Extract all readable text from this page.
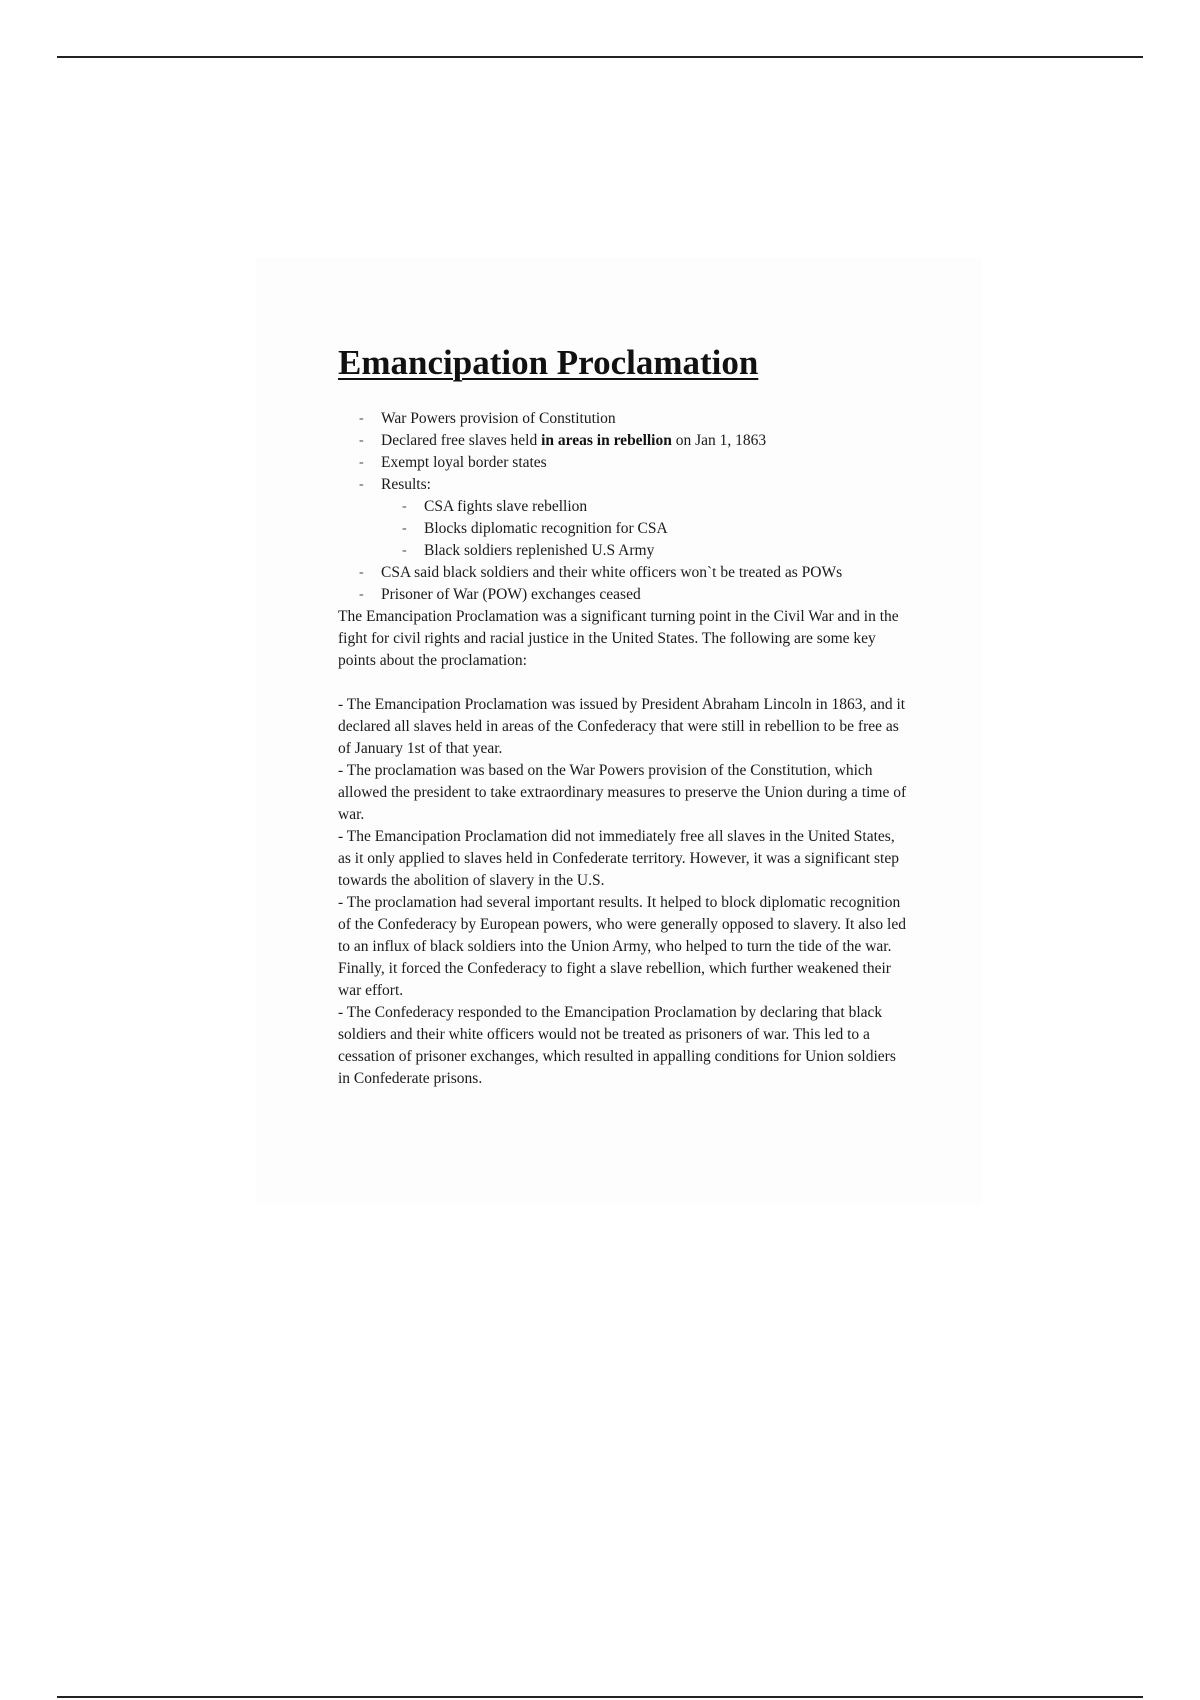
Emancipation Proclamation
- War Powers provision of Constitution
- Declared free slaves held in areas in rebellion on Jan 1, 1863
- Exempt loyal border states
- Results:
- CSA fights slave rebellion
- Blocks diplomatic recognition for CSA
- Black soldiers replenished U.S Army
- CSA said black soldiers and their white officers won`t be treated as POWs
- Prisoner of War (POW) exchanges ceased

The Emancipation Proclamation was a significant turning point in the Civil War and in the fight for civil rights and racial justice in the United States. The following are some key points about the proclamation:

- The Emancipation Proclamation was issued by President Abraham Lincoln in 1863, and it declared all slaves held in areas of the Confederacy that were still in rebellion to be free as of January 1st of that year.

- The proclamation was based on the War Powers provision of the Constitution, which allowed the president to take extraordinary measures to preserve the Union during a time of war.

- The Emancipation Proclamation did not immediately free all slaves in the United States, as it only applied to slaves held in Confederate territory. However, it was a significant step towards the abolition of slavery in the U.S.

- The proclamation had several important results. It helped to block diplomatic recognition of the Confederacy by European powers, who were generally opposed to slavery. It also led to an influx of black soldiers into the Union Army, who helped to turn the tide of the war. Finally, it forced the Confederacy to fight a slave rebellion, which further weakened their war effort.

- The Confederacy responded to the Emancipation Proclamation by declaring that black soldiers and their white officers would not be treated as prisoners of war. This led to a cessation of prisoner exchanges, which resulted in appalling conditions for Union soldiers in Confederate prisons.
